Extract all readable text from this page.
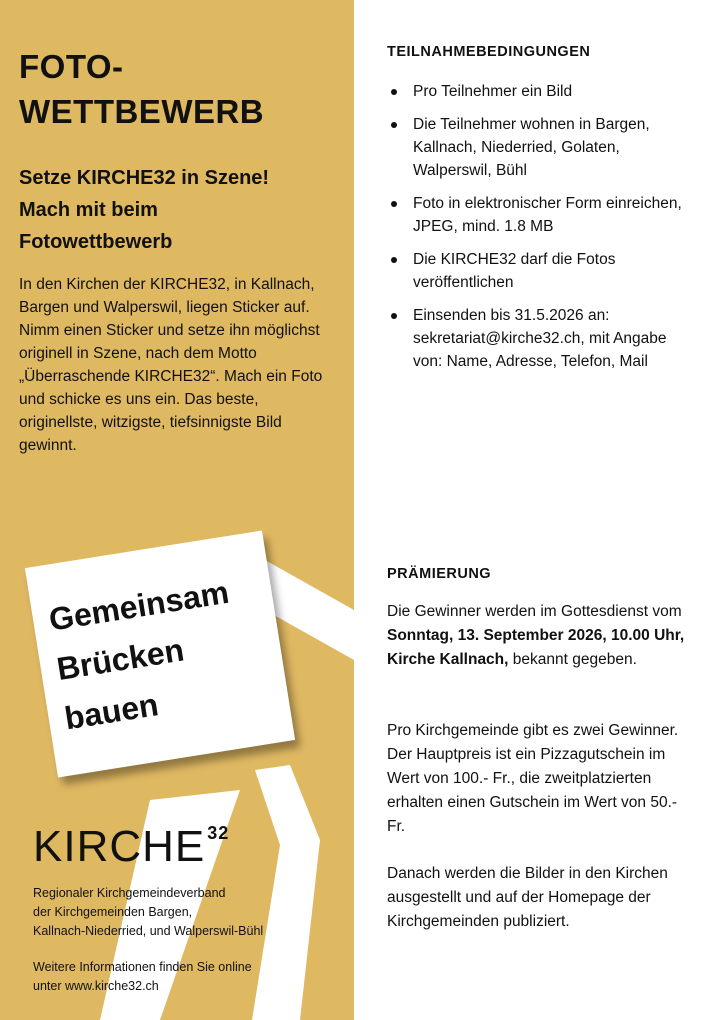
FOTO-
WETTBEWERB
Setze KIRCHE32 in Szene!
Mach mit beim
Fotowettbewerb
In den Kirchen der KIRCHE32, in Kallnach, Bargen und Walperswil, liegen Sticker auf. Nimm einen Sticker und setze ihn möglichst originell in Szene, nach dem Motto „Überraschende KIRCHE32“. Mach ein Foto und schicke es uns ein. Das beste, originellste, witzigste, tiefsinnigste Bild gewinnt.
Gemeinsam
Brücken
bauen
KIRCHE $^{32}$
Regionaler Kirchgemeindeverband
der Kirchgemeinden Bargen,
Kallnach-Niederried, und Walperswil-Bühl
Weitere Informationen finden Sie online
unter www.kirche32.ch
TEILNAHMEBEDINGUNGEN
Pro Teilnehmer ein Bild
Die Teilnehmer wohnen in Bargen, Kallnach, Niederried, Golaten, Walperswil, Bühl
Foto in elektronischer Form einreichen, JPEG, mind. 1.8 MB
Die KIRCHE32 darf die Fotos veröffentlichen
Einsenden bis 31.5.2026 an: sekretariat@kirche32.ch, mit Angabe von: Name, Adresse, Telefon, Mail
PRÄMIERUNG
Die Gewinner werden im Gottesdienst vom Sonntag, 13. September 2026, 10.00 Uhr, Kirche Kallnach, bekannt gegeben.
Pro Kirchgemeinde gibt es zwei Gewinner. Der Hauptpreis ist ein Pizzagutschein im Wert von 100.- Fr., die zweitplatzierten erhalten einen Gutschein im Wert von 50.- Fr.
Danach werden die Bilder in den Kirchen ausgestellt und auf der Homepage der Kirchgemeinden publiziert.
